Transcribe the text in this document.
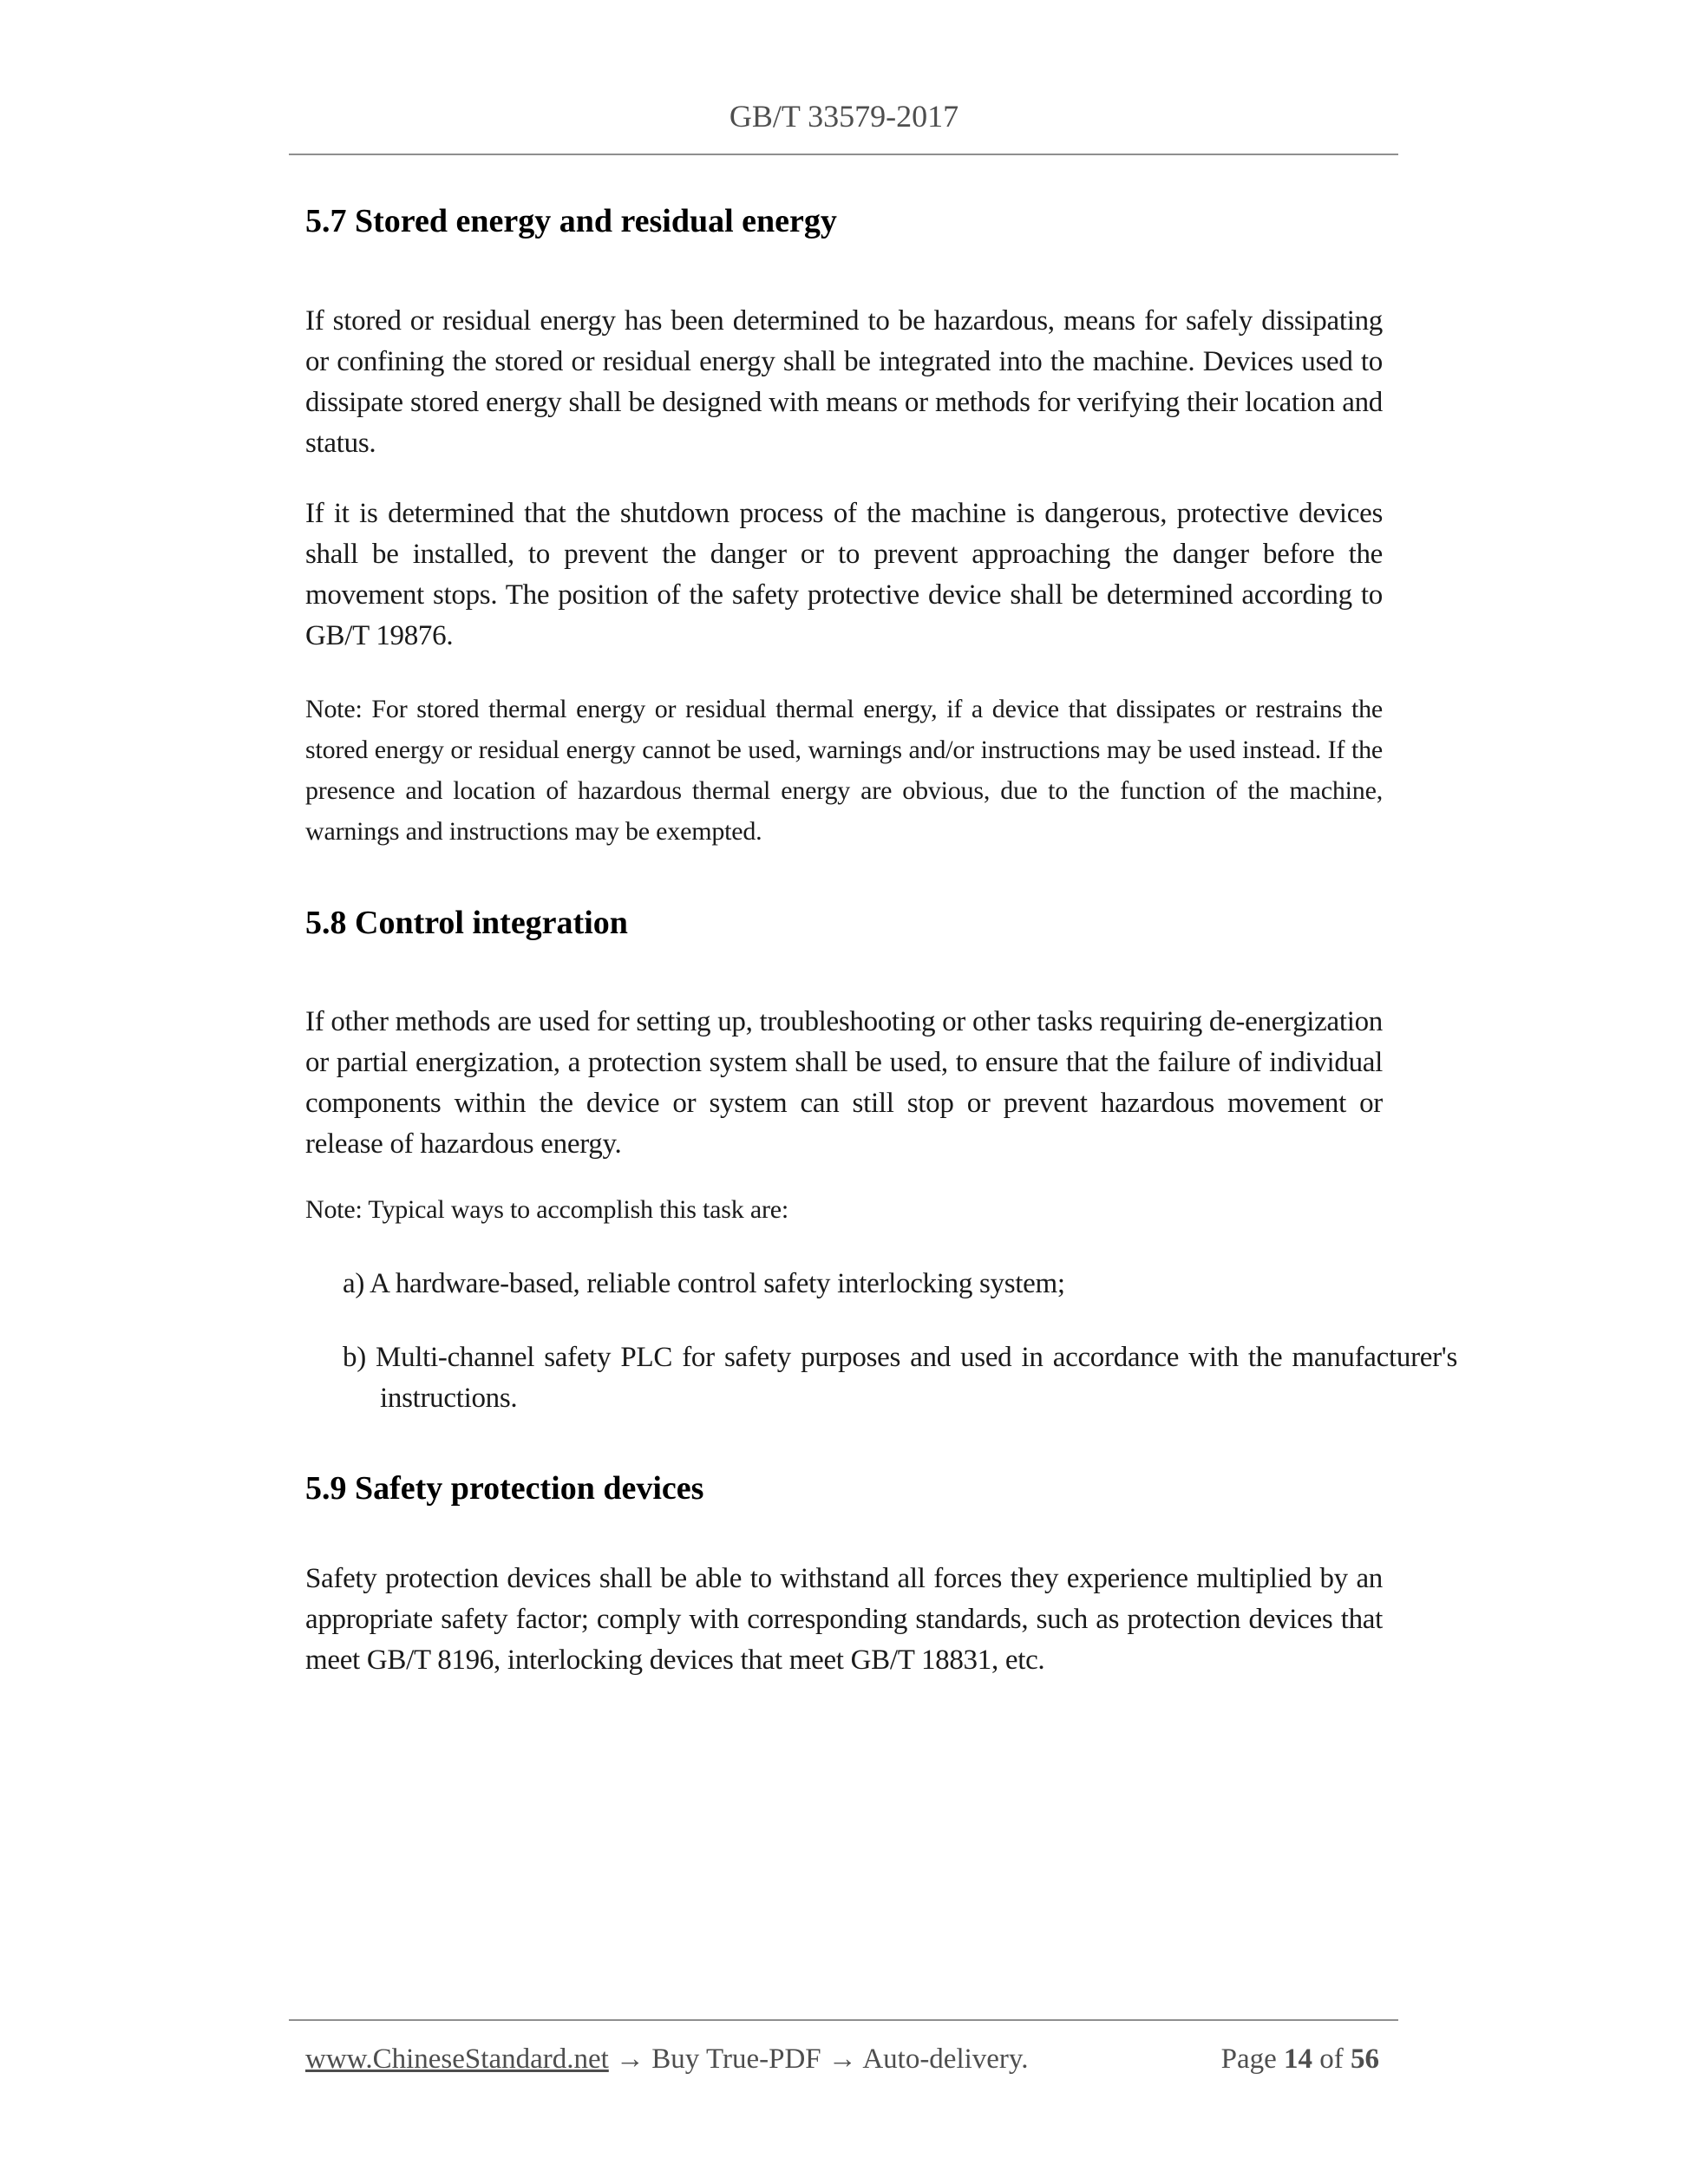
GB/T 33579-2017
5.7 Stored energy and residual energy

If stored or residual energy has been determined to be hazardous, means for safely dissipating or confining the stored or residual energy shall be integrated into the machine. Devices used to dissipate stored energy shall be designed with means or methods for verifying their location and status.

If it is determined that the shutdown process of the machine is dangerous, protective devices shall be installed, to prevent the danger or to prevent approaching the danger before the movement stops. The position of the safety protective device shall be determined according to GB/T 19876.

Note: For stored thermal energy or residual thermal energy, if a device that dissipates or restrains the stored energy or residual energy cannot be used, warnings and/or instructions may be used instead. If the presence and location of hazardous thermal energy are obvious, due to the function of the machine, warnings and instructions may be exempted.

5.8 Control integration

If other methods are used for setting up, troubleshooting or other tasks requiring de-energization or partial energization, a protection system shall be used, to ensure that the failure of individual components within the device or system can still stop or prevent hazardous movement or release of hazardous energy.

Note: Typical ways to accomplish this task are:

a) A hardware-based, reliable control safety interlocking system;

b) Multi-channel safety PLC for safety purposes and used in accordance with the manufacturer's instructions.

5.9 Safety protection devices

Safety protection devices shall be able to withstand all forces they experience multiplied by an appropriate safety factor; comply with corresponding standards, such as protection devices that meet GB/T 8196, interlocking devices that meet GB/T 18831, etc.

www.ChineseStandard.net → Buy True-PDF → Auto-delivery.	Page 14 of 56
